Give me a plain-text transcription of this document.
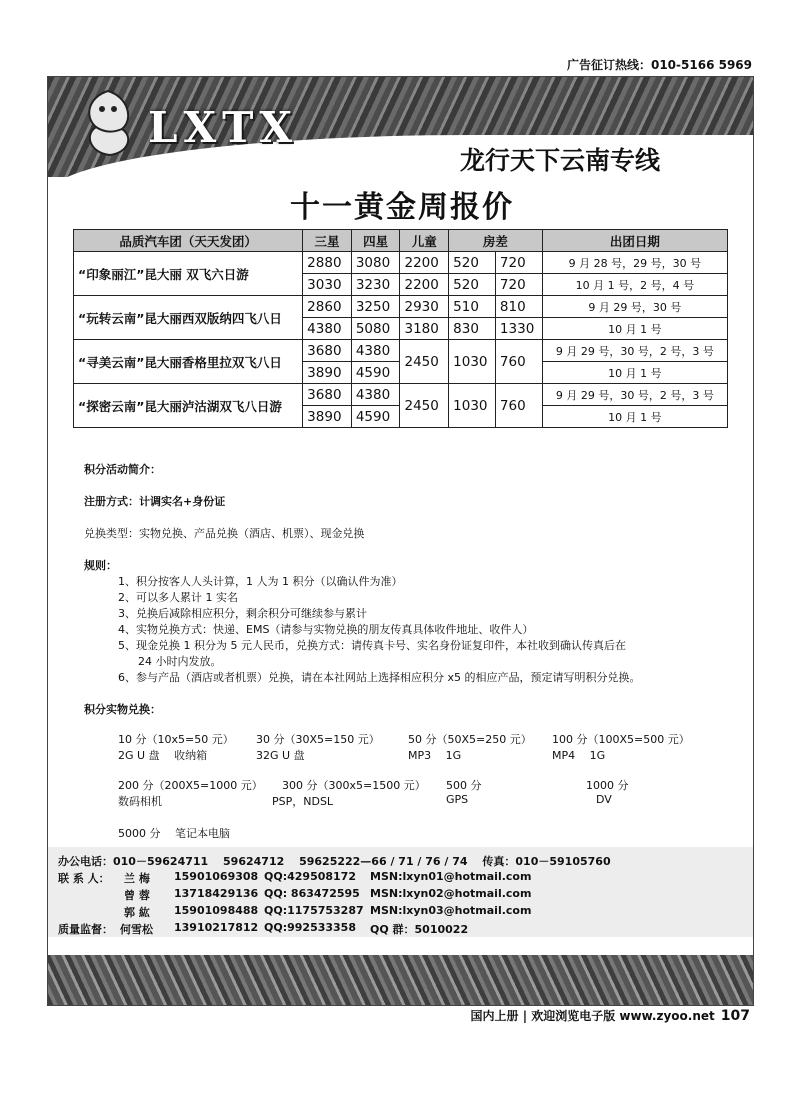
广告征订热线：010-5166 5969
LXTX
龙行天下云南专线
十一黄金周报价
品质汽车团（天天发团）	三星	四星	儿童	房差		出团日期
“印象丽江”昆大丽 双飞六日游	2880	3080	2200	520	720	9 月 28 号，29 号，30 号
	3030	3230	2200	520	720	10 月 1 号，2 号，4 号
“玩转云南”昆大丽西双版纳四飞八日	2860	3250	2930	510	810	9 月 29 号，30 号
	4380	5080	3180	830	1330	10 月 1 号
“寻美云南”昆大丽香格里拉双飞八日	3680	4380	2450	1030	760	9 月 29 号，30 号，2 号，3 号
	3890	4590				10 月 1 号
“探密云南”昆大丽泸沽湖双飞八日游	3680	4380	2450	1030	760	9 月 29 号，30 号，2 号，3 号
	3890	4590				10 月 1 号
积分活动简介：
注册方式：计调实名+身份证
兑换类型：实物兑换、产品兑换（酒店、机票）、现金兑换
规则：
1、积分按客人人头计算，1 人为 1 积分（以确认件为准）
2、可以多人累计 1 实名
3、兑换后减除相应积分，剩余积分可继续参与累计
4、实物兑换方式：快递、EMS（请参与实物兑换的朋友传真具体收件地址、收件人）
5、现金兑换 1 积分为 5 元人民币，兑换方式：请传真卡号、实名身份证复印件，本社收到确认传真后在
24 小时内发放。
6、参与产品（酒店或者机票）兑换，请在本社网站上选择相应积分 x5 的相应产品，预定请写明积分兑换。
积分实物兑换：
10 分（10x5=50 元）
2G U 盘　 收纳箱
30 分（30X5=150 元）
32G U 盘
50 分（50X5=250 元）
MP3　 1G
100 分（100X5=500 元）
MP4　 1G
200 分（200X5=1000 元）
数码相机
300 分（300x5=1500 元）
PSP，NDSL
500 分
GPS
1000 分
DV
5000 分　 笔记本电脑
办公电话：010－59624711　 59624712　 59625222—66 / 71 / 76 / 74　 传真：010－59105760
联 系 人： 兰 梅 15901069308 QQ:429508172 MSN:lxyn01@hotmail.com
曾 蓉 13718429136 QQ: 863472595 MSN:lxyn02@hotmail.com
郭 紘 15901098488 QQ:1175753287 MSN:lxyn03@hotmail.com
质量监督： 何雪松 13910217812 QQ:992533358 QQ 群：5010022
国内上册 | 欢迎浏览电子版 www.zyoo.net 107
